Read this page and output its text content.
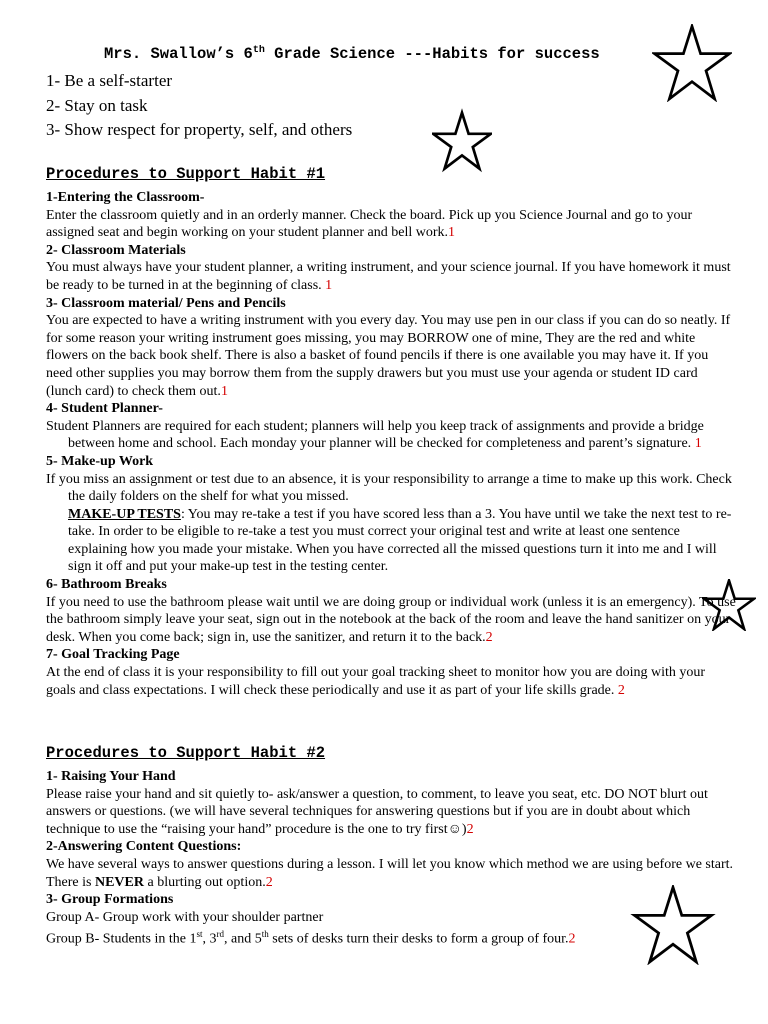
Mrs. Swallow’s 6th Grade Science ---Habits for success
1- Be a self-starter
2- Stay on task
3- Show respect for property, self, and others
Procedures to Support Habit #1
1-Entering the Classroom-

Enter the classroom quietly and in an orderly manner. Check the board. Pick up you Science Journal and go to your assigned seat and begin working on your student planner and bell work.1

2- Classroom Materials

You must always have your student planner, a writing instrument, and your science journal. If you have homework it must be ready to be turned in at the beginning of class. 1

3- Classroom material/ Pens and Pencils

You are expected to have a writing instrument with you every day. You may use pen in our class if you can do so neatly. If for some reason your writing instrument goes missing, you may BORROW one of mine, They are the red and white flowers on the back book shelf. There is also a basket of found pencils if there is one available you may have it. If you need other supplies you may borrow them from the supply drawers but you must use your agenda or student ID card (lunch card) to check them out.1

4- Student Planner-

Student Planners are required for each student; planners will help you keep track of assignments and provide a bridge between home and school. Each monday your planner will be checked for completeness and parent’s signature. 1

5- Make-up Work

If you miss an assignment or test due to an absence, it is your responsibility to arrange a time to make up this work. Check the daily folders on the shelf for what you missed.

MAKE-UP TESTS: You may re-take a test if you have scored less than a 3. You have until we take the next test to re-take. In order to be eligible to re-take a test you must correct your original test and write at least one sentence explaining how you made your mistake. When you have corrected all the missed questions turn it into me and I will sign it off and put your make-up test in the testing center.

6- Bathroom Breaks

If you need to use the bathroom please wait until we are doing group or individual work (unless it is an emergency). To use the bathroom simply leave your seat, sign out in the notebook at the back of the room and leave the hand sanitizer on your desk. When you come back; sign in, use the sanitizer, and return it to the back.2

7- Goal Tracking Page

At the end of class it is your responsibility to fill out your goal tracking sheet to monitor how you are doing with your goals and class expectations. I will check these periodically and use it as part of your life skills grade. 2

Procedures to Support Habit #2
1- Raising Your Hand

Please raise your hand and sit quietly to- ask/answer a question, to comment, to leave you seat, etc. DO NOT blurt out answers or questions. (we will have several techniques for answering questions but if you are in doubt about which technique to use the “raising your hand” procedure is the one to try first☺)2

2-Answering Content Questions:

We have several ways to answer questions during a lesson. I will let you know which method we are using before we start. There is NEVER a blurting out option.2

3- Group Formations

Group A- Group work with your shoulder partner

Group B- Students in the 1st, 3rd, and 5th sets of desks turn their desks to form a group of four.2
